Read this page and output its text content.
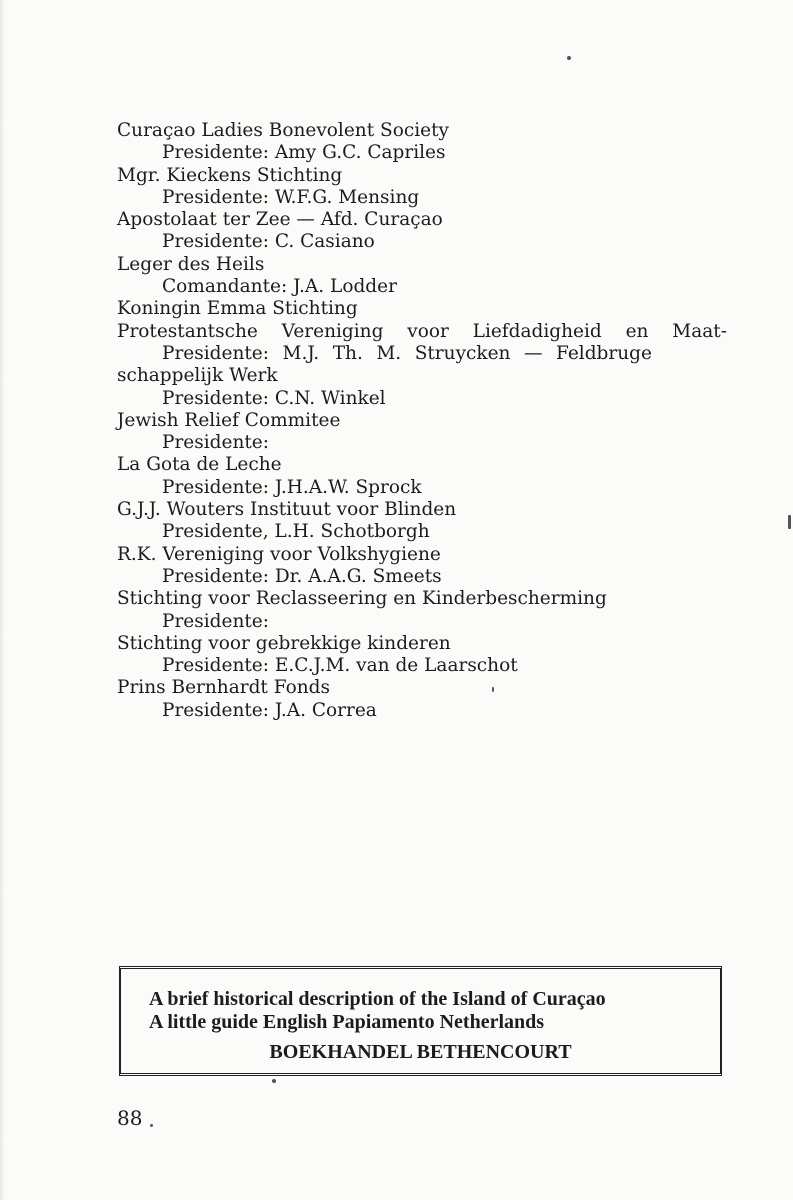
Curaçao Ladies Bonevolent Society
Presidente: Amy G.C. Capriles
Mgr. Kieckens Stichting
Presidente: W.F.G. Mensing
Apostolaat ter Zee — Afd. Curaçao
Presidente: C. Casiano
Leger des Heils
Comandante: J.A. Lodder
Koningin Emma Stichting
Protestantsche Vereniging voor Liefdadigheid en Maat-
Presidente: M.J. Th. M. Struycken — Feldbruge
schappelijk Werk
Presidente: C.N. Winkel
Jewish Relief Commitee
Presidente:
La Gota de Leche
Presidente: J.H.A.W. Sprock
G.J.J. Wouters Instituut voor Blinden
Presidente, L.H. Schotborgh
R.K. Vereniging voor Volkshygiene
Presidente: Dr. A.A.G. Smeets
Stichting voor Reclasseering en Kinderbescherming
Presidente:
Stichting voor gebrekkige kinderen
Presidente: E.C.J.M. van de Laarschot
Prins Bernhardt Fonds
Presidente: J.A. Correa
A brief historical description of the Island of Curaçao
A little guide English Papiamento Netherlands
BOEKHANDEL BETHENCOURT
88
